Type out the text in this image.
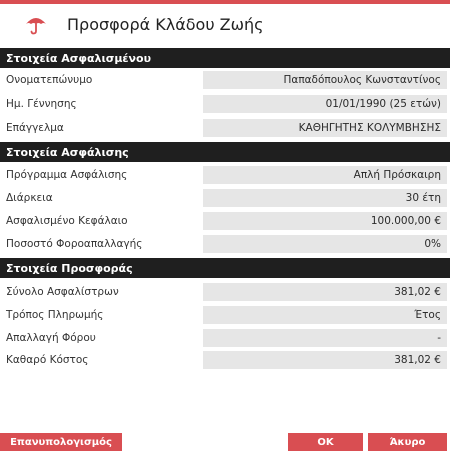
Προσφορά Κλάδου Ζωής
Στοιχεία Ασφαλισμένου
Ονοματεπώνυμο	Παπαδόπουλος Κωνσταντίνος
Ημ. Γέννησης	01/01/1990 (25 ετών)
Επάγγελμα	ΚΑΘΗΓΗΤΗΣ ΚΟΛΥΜΒΗΣΗΣ
Στοιχεία Ασφάλισης
Πρόγραμμα Ασφάλισης	Απλή Πρόσκαιρη
Διάρκεια	30 έτη
Ασφαλισμένο Κεφάλαιο	100.000,00 €
Ποσοστό Φοροαπαλλαγής	0%
Στοιχεία Προσφοράς
Σύνολο Ασφαλίστρων	381,02 €
Τρόπος Πληρωμής	Έτος
Απαλλαγή Φόρου	-
Καθαρό Κόστος	381,02 €
Επανυπολογισμός	ΟΚ	Άκυρο
